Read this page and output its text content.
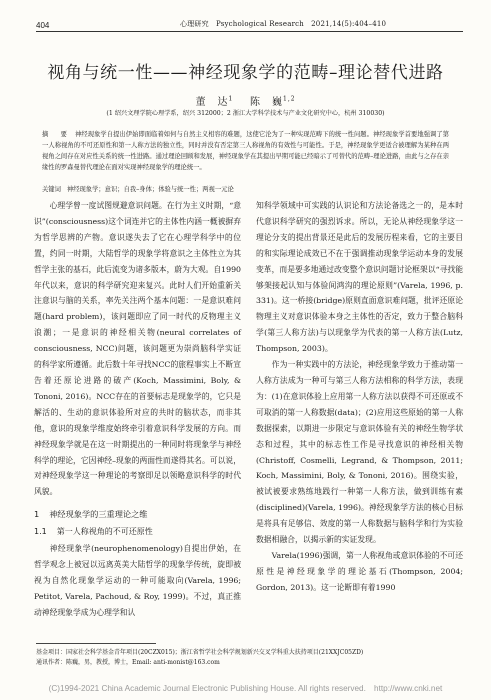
404	心理研究　Psychological Research　2021,14(5):404–410
视角与统一性——神经现象学的范畴–理论替代进路
董　达$^1$ 陈　巍$^{1,2}$
(1 绍兴文理学院心理学系，绍兴 312000；2 浙江大学科学技术与产业文化研究中心，杭州 310030)
摘　要 神经现象学自提出伊始即面临着如何与自然主义相容的难题，这使它沦为了一种实现范畴下的统一性问题。神经现象学首要地强调了第一人称视角的不可还原性和第一人称方法的独立性，同时并没有否定第三人称视角的有效性与可能性。于是，神经现象学更适合被理解为某种在两视角之间存在对应性关系的统一性进路。通过理论回顾和发展，神经现象学在其提出早期可能已经暗示了可替代的范畴–理论进路，由此与之存在亲缘性的罗森曼替代理论在面对实现神经现象学的理论统一。
关键词 神经现象学；意识；自我–身体；体验与统一性；两视一元论

心理学曾一度试图规避意识问题。在行为主义时期，“意识”(consciousness)这个词连并它的主体性内涵一概被摒弃为哲学思辨的产物。意识遂失去了它在心理学科学中的位置，约同一时期，大陆哲学的现象学将意识之主体性立为其哲学主张的基石，此后流变为诸多版本，蔚为大观。自1990年代以来，意识的科学研究迎来复兴。此时人们开始重新关注意识与脑的关系，率先关注两个基本问题：一是意识难问题(hard problem)，该问题即应了同一时代的反物理主义浪潮；一是意识的神经相关物(neural correlates of consciousness, NCC)问题，该问题更为崇尚脑科学实证的科学家所遵循。此后数十年寻找NCC的旅程事实上不断宣告着还原论进路的破产(Koch, Massimini, Boly, & Tononi, 2016)。NCC存在的首要标志是现象学的，它只是解活的、生动的意识体验所对应的共时的脑状态，而非其他，意识的现象学维度始终牵引着意识科学发展的方向。而神经现象学就是在这一时期提出的一种同时将现象学与神经科学的理论，它因神经–现象的两面性而遂得其名。可以说，对神经现象学这一种理论的考察即足以领略意识科学的时代风貌。

1 神经现象学的三重理论之维
1.1 第一人称视角的不可还原性

神经现象学(neurophenomenology)自提出伊始，在哲学观念上被冠以远离英美大陆哲学的现象学传统，旋即被视为自然化现象学运动的一种可能取向(Varela, 1996; Petitot, Varela, Pachoud, & Roy, 1999)。不过，真正推动神经现象学成为心理学和认

知科学领域中可实践的认识论和方法论备选之一的，是本时代意识科学研究的强烈诉求。所以，无论从神经现象学这一理论分支的提出背景还是此后的发展历程来看，它的主要目的和实际理论成效已不在于强调推动现象学运动本身的发展变革，而是要多地通过改变整个意识问题讨论框架以“寻找能够架接起认知与体验间鸿沟的理论原则”(Varela, 1996, p. 331)。这一桥接(bridge)原则直面意识难问题，批评还原论物理主义对意识体验本身之主体性的否定，致力于整合脑科学(第三人称方法)与以现象学为代表的第一人称方法(Lutz, Thompson, 2003)。

作为一种实践中的方法论，神经现象学致力于推动第一人称方法成为一种可与第三人称方法相称的科学方法，表现为：(1)在意识体验上应用第一人称方法以获得不可还原或不可取消的第一人称数据(data)；(2)应用这些原始的第一人称数据探索，以期进一步限定与意识体验有关的神经生物学状态和过程，其中的标志性工作是寻找意识的神经相关物(Christoff, Cosmelli, Legrand, & Thompson, 2011; Koch, Massimini, Boly, & Tononi, 2016)。围绕实验，被试被要求熟练地践行一种第一人称方法，做到训练有素(disciplined)(Varela, 1996)。神经现象学方法的核心目标是将具有足够信、效度的第一人称数据与脑科学和行为实验数据相融合，以揭示新的实证发现。

Varela(1996)强调，第一人称视角或意识体验的不可还原性是神经现象学的理论基石(Thompson, 2004; Gordon, 2013)。这一论断即有着1990

基金项目：国家社会科学基金青年项目(20CZX015)；浙江省哲学社会科学规划新兴交叉学科重大扶持项目(21XXJC05ZD)
通讯作者：陈巍，男，教授，博士，Email: anti-monist@163.com
(C)1994-2021 China Academic Journal Electronic Publishing House. All rights reserved.　http://www.cnki.net
